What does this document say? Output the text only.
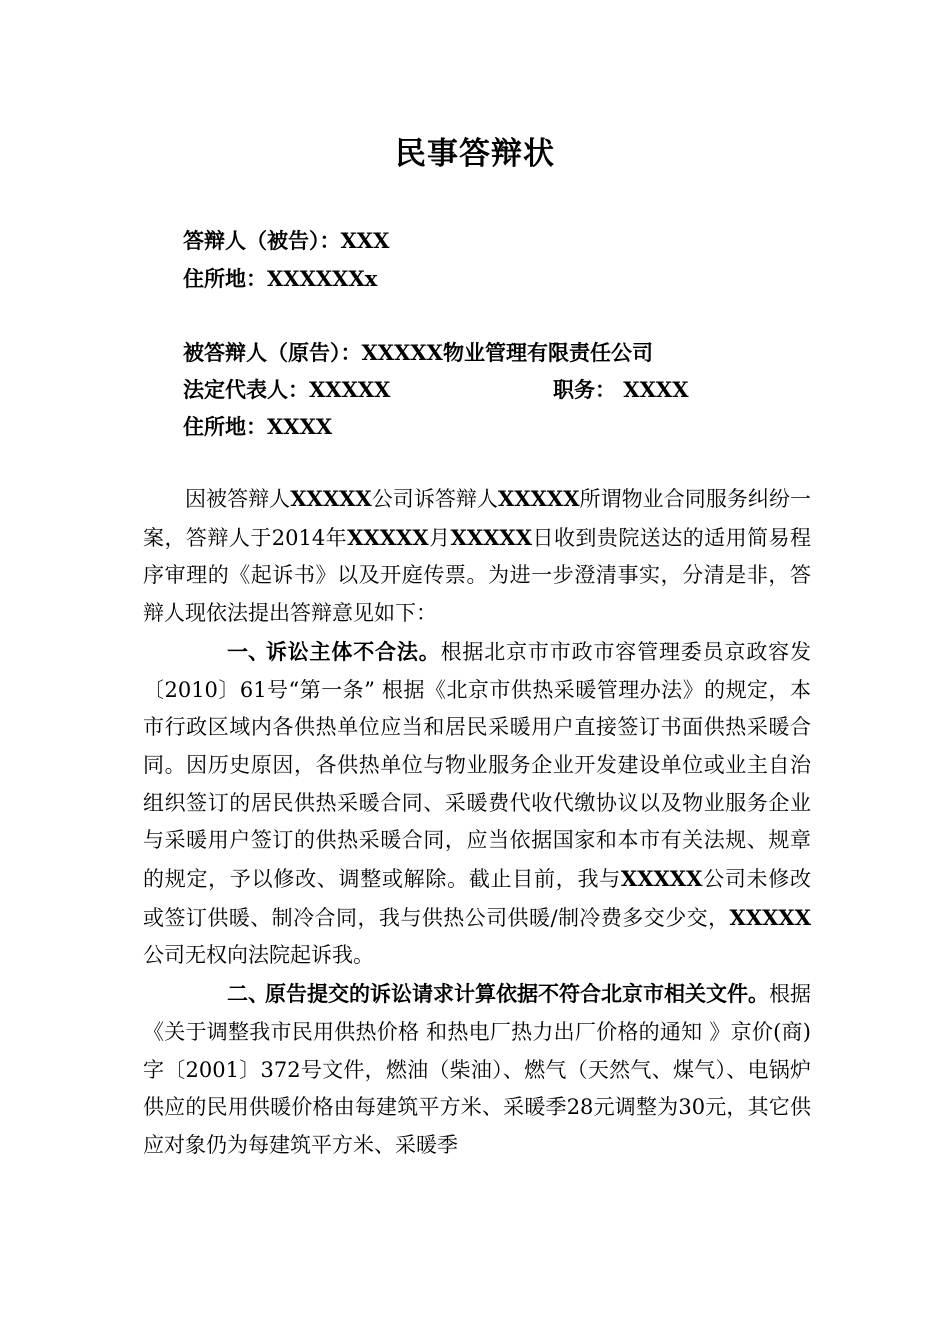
民事答辩状
答辩人（被告）：XXX
住所地：XXXXXXx
被答辩人（原告）：XXXXX物业管理有限责任公司
法定代表人：XXXXX	职务： XXXX
住所地：XXXX

因被答辩人XXXXX公司诉答辩人XXXXX所谓物业合同服务纠纷一案，答辩人于2014年XXXXX月XXXXX日收到贵院送达的适用简易程序审理的《起诉书》以及开庭传票。为进一步澄清事实，分清是非，答辩人现依法提出答辩意见如下：

一、诉讼主体不合法。根据北京市市政市容管理委员京政容发〔2010〕61号“第一条” 根据《北京市供热采暖管理办法》的规定，本市行政区域内各供热单位应当和居民采暖用户直接签订书面供热采暖合同。因历史原因，各供热单位与物业服务企业开发建设单位或业主自治组织签订的居民供热采暖合同、采暖费代收代缴协议以及物业服务企业与采暖用户签订的供热采暖合同，应当依据国家和本市有关法规、规章的规定，予以修改、调整或解除。截止目前，我与XXXXX公司未修改或签订供暖、制冷合同，我与供热公司供暖/制冷费多交少交，XXXXX公司无权向法院起诉我。

二、原告提交的诉讼请求计算依据不符合北京市相关文件。根据《关于调整我市民用供热价格 和热电厂热力出厂价格的通知 》京价(商)字〔2001〕372号文件，燃油（柴油）、燃气（天然气、煤气）、电锅炉供应的民用供暖价格由每建筑平方米、采暖季28元调整为30元，其它供应对象仍为每建筑平方米、采暖季
